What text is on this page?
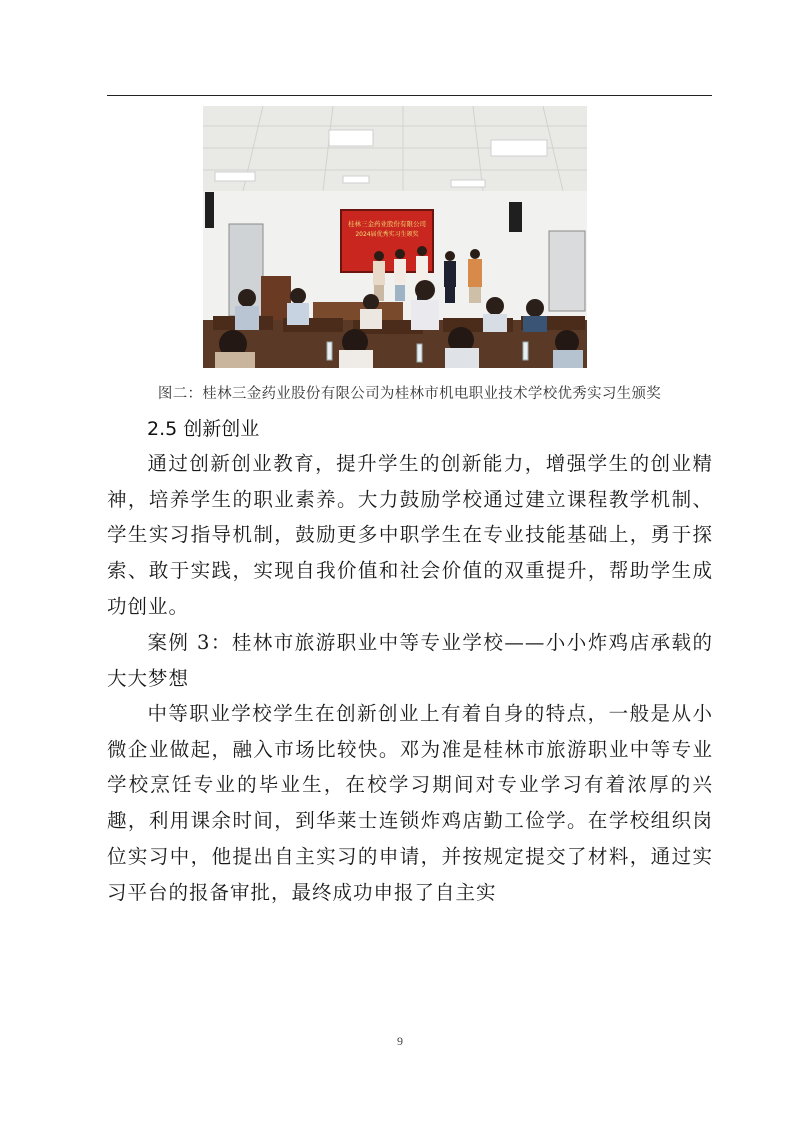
桂林三金药业股份有限公司
2024届优秀实习生颁奖
图二：桂林三金药业股份有限公司为桂林市机电职业技术学校优秀实习生颁奖
2.5 创新创业

通过创新创业教育，提升学生的创新能力，增强学生的创业精神，培养学生的职业素养。大力鼓励学校通过建立课程教学机制、学生实习指导机制，鼓励更多中职学生在专业技能基础上，勇于探索、敢于实践，实现自我价值和社会价值的双重提升，帮助学生成功创业。

案例 3：桂林市旅游职业中等专业学校——小小炸鸡店承载的大大梦想

中等职业学校学生在创新创业上有着自身的特点，一般是从小微企业做起，融入市场比较快。邓为准是桂林市旅游职业中等专业学校烹饪专业的毕业生，在校学习期间对专业学习有着浓厚的兴趣，利用课余时间，到华莱士连锁炸鸡店勤工俭学。在学校组织岗位实习中，他提出自主实习的申请，并按规定提交了材料，通过实习平台的报备审批，最终成功申报了自主实

9
